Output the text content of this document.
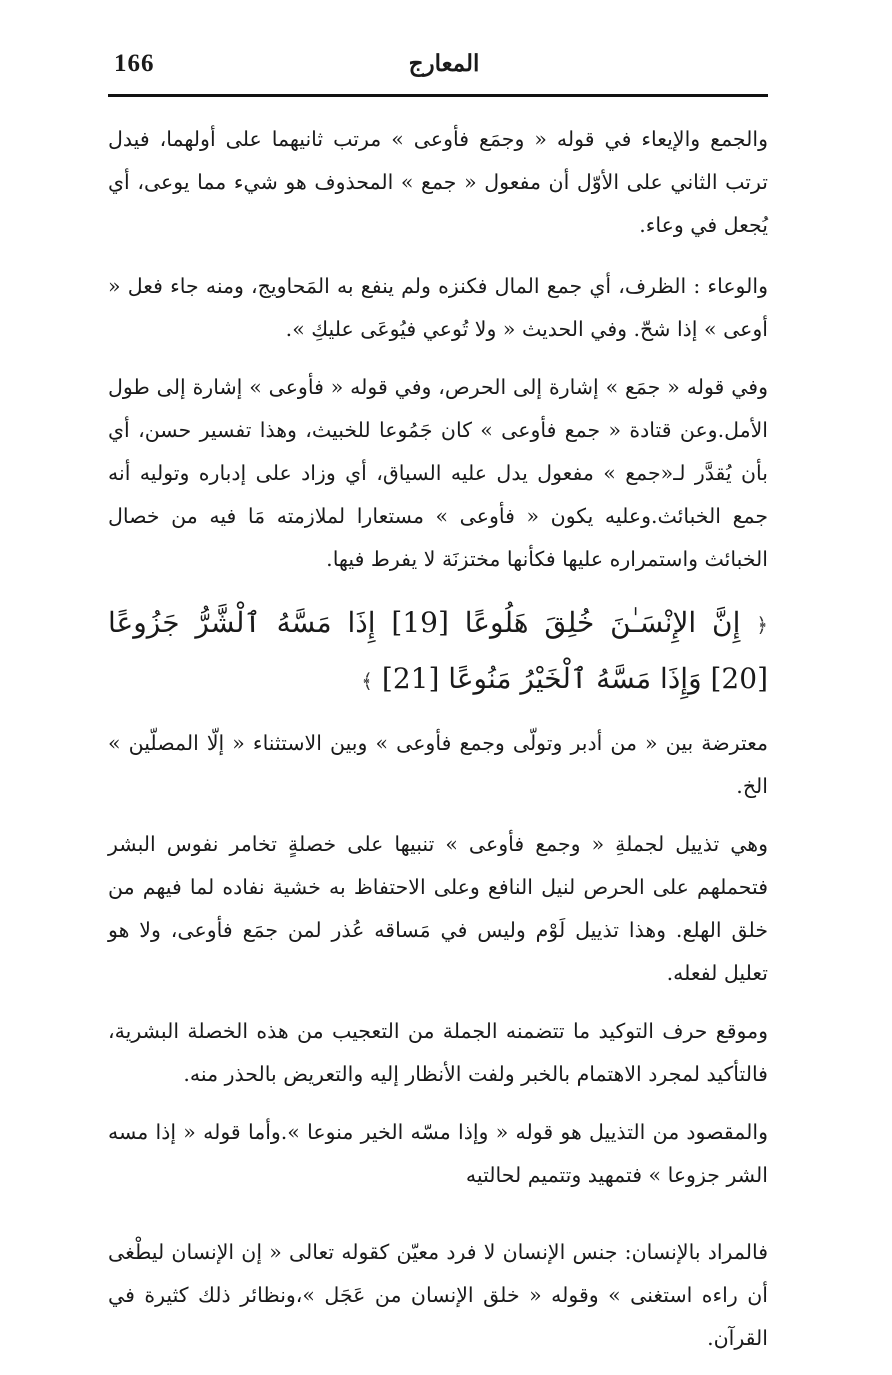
166	المعارج

والجمع والإيعاء في قوله « وجمَع فأوعى » مرتب ثانيهما على أولهما، فيدل ترتب الثاني على الأوّل أن مفعول « جمع » المحذوف هو شيء مما يوعى، أي يُجعل في وعاء.

والوعاء : الظرف، أي جمع المال فكنزه ولم ينفع به المَحاويج، ومنه جاء فعل « أوعى » إذا شحّ. وفي الحديث « ولا تُوعي فيُوعَى عليكِ ».

وفي قوله « جمَع » إشارة إلى الحرص، وفي قوله « فأوعى » إشارة إلى طول الأمل.وعن قتادة « جمع فأوعى » كان جَمُوعا للخبيث، وهذا تفسير حسن، أي بأن يُقدَّر لـ«جمع » مفعول يدل عليه السياق، أي وزاد على إدباره وتوليه أنه جمع الخبائث.وعليه يكون « فأوعى » مستعارا لملازمته مَا فيه من خصال الخبائث واستمراره عليها فكأنها مختزنَة لا يفرط فيها.

﴿ إِنَّ الإِنْسَـٰنَ خُلِقَ هَلُوعًا [19] إِذَا مَسَّهُ ٱلْشَّرُّ جَزُوعًا [20] وَإِذَا مَسَّهُ ٱلْخَيْرُ مَنُوعًا [21] ﴾

معترضة بين « من أدبر وتولّى وجمع فأوعى » وبين الاستثناء « إلّا المصلّين » الخ.

وهي تذييل لجملةِ « وجمع فأوعى » تنبيها على خصلةٍ تخامر نفوس البشر فتحملهم على الحرص لنيل النافع وعلى الاحتفاظ به خشية نفاده لما فيهم من خلق الهلع. وهذا تذييل لَوْم وليس في مَساقه عُذر لمن جمَع فأوعى، ولا هو تعليل لفعله.

وموقع حرف التوكيد ما تتضمنه الجملة من التعجيب من هذه الخصلة البشرية، فالتأكيد لمجرد الاهتمام بالخبر ولفت الأنظار إليه والتعريض بالحذر منه.

والمقصود من التذييل هو قوله « وإذا مسّه الخير منوعا ».وأما قوله « إذا مسه الشر جزوعا » فتمهيد وتتميم لحالتيه

فالمراد بالإنسان: جنس الإنسان لا فرد معيّن كقوله تعالى « إن الإنسان ليطْغى أن راءه استغنى » وقوله « خلق الإنسان من عَجَل »،ونظائر ذلك كثيرة في القرآن.
